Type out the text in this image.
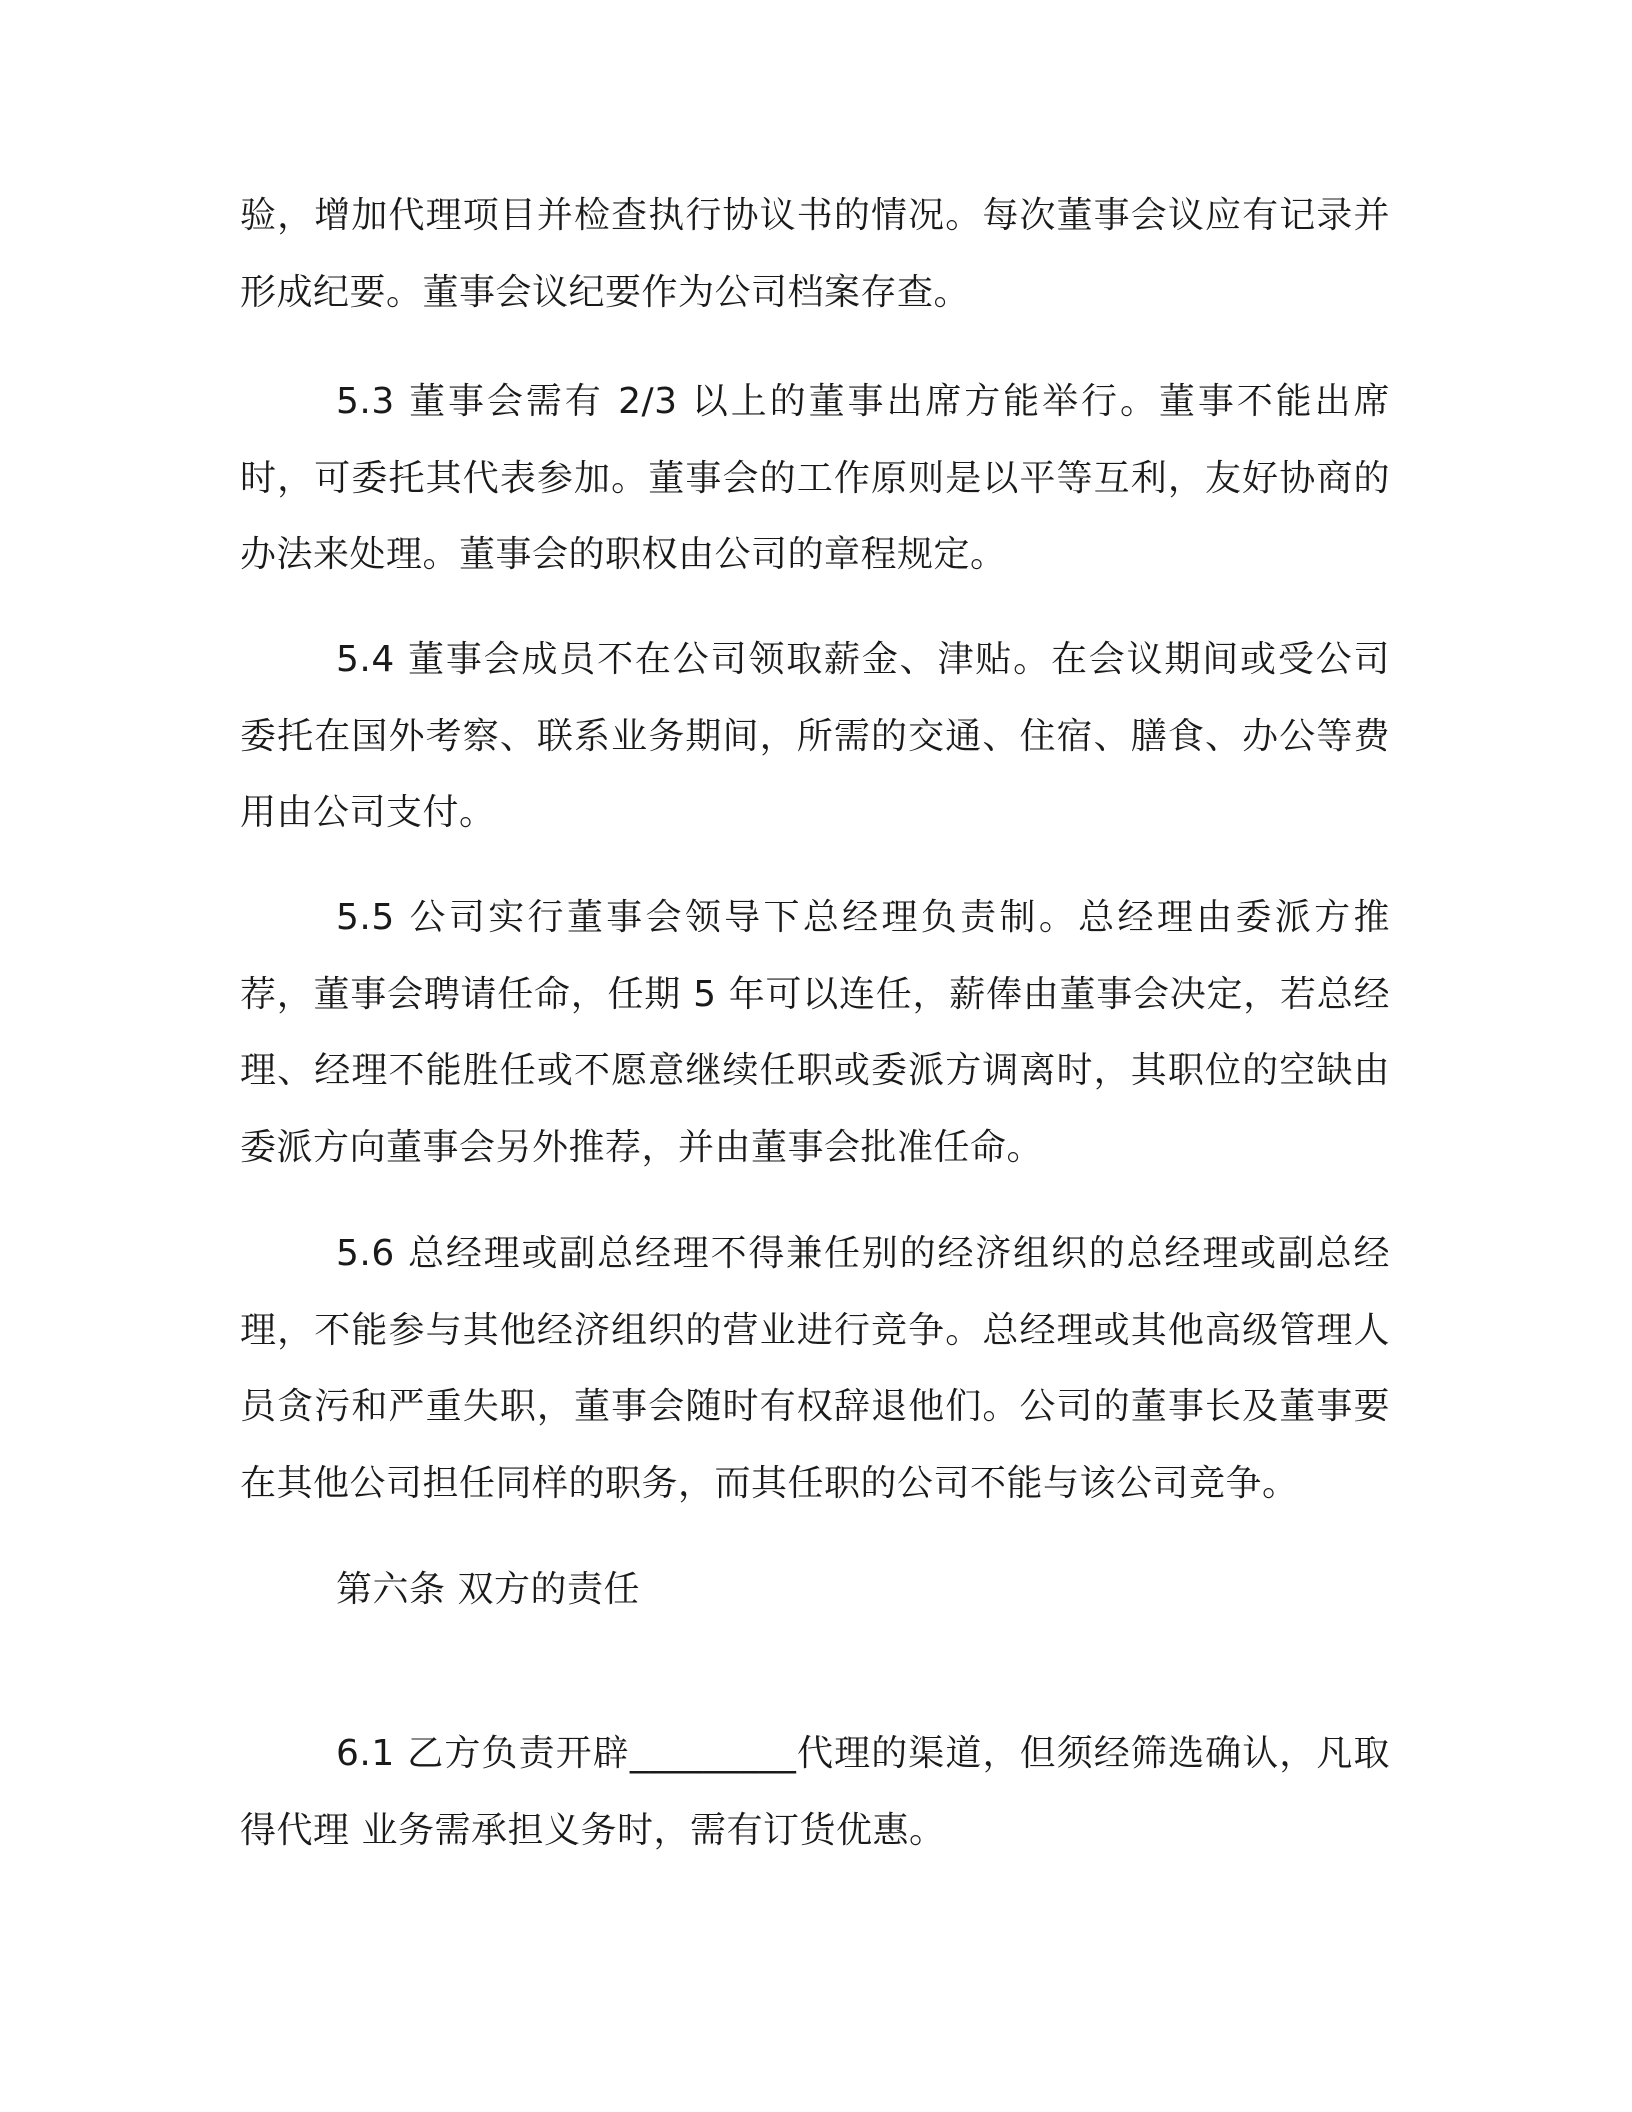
验，增加代理项目并检查执行协议书的情况。每次董事会议应有记录并形成纪要。董事会议纪要作为公司档案存查。

5.3 董事会需有 2/3 以上的董事出席方能举行。董事不能出席时，可委托其代表参加。董事会的工作原则是以平等互利，友好协商的办法来处理。董事会的职权由公司的章程规定。

5.4 董事会成员不在公司领取薪金、津贴。在会议期间或受公司委托在国外考察、联系业务期间，所需的交通、住宿、膳食、办公等费用由公司支付。

5.5 公司实行董事会领导下总经理负责制。总经理由委派方推荐，董事会聘请任命，任期 5 年可以连任，薪俸由董事会决定，若总经理、经理不能胜任或不愿意继续任职或委派方调离时，其职位的空缺由委派方向董事会另外推荐，并由董事会批准任命。

5.6 总经理或副总经理不得兼任别的经济组织的总经理或副总经理，不能参与其他经济组织的营业进行竞争。总经理或其他高级管理人员贪污和严重失职，董事会随时有权辞退他们。公司的董事长及董事要在其他公司担任同样的职务，而其任职的公司不能与该公司竞争。

第六条 双方的责任

6.1 乙方负责开辟_________代理的渠道，但须经筛选确认，凡取得代理 业务需承担义务时，需有订货优惠。
